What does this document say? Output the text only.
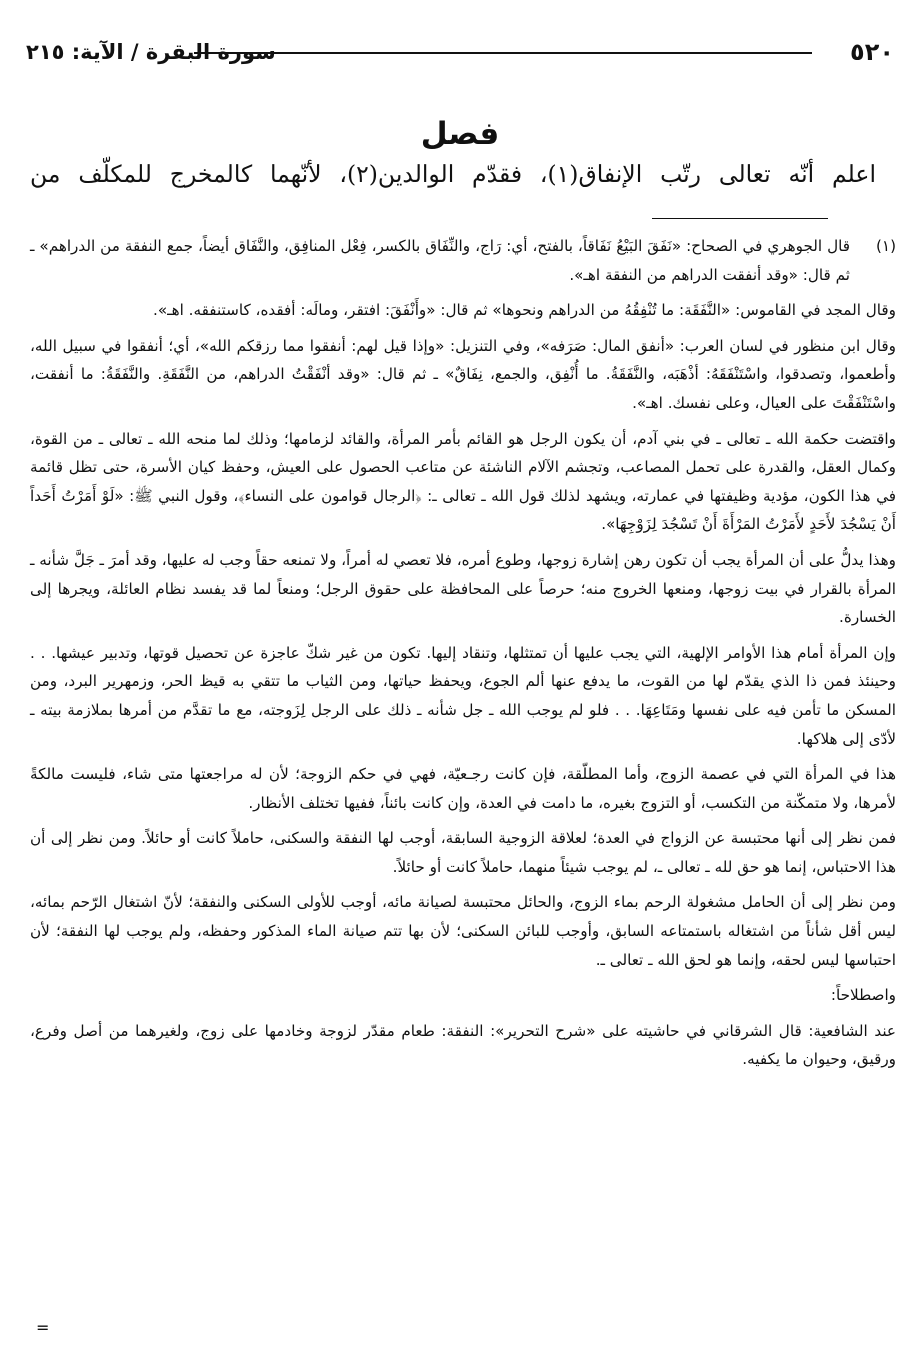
٥٢٠
سورة البقرة / الآية: ٢١٥
فصل
اعلم أنّه تعالى رتّب الإنفاق(١)، فقدّم الوالدين(٢)، لأنّهما كالمخرج للمكلّف من

(١)
قال الجوهري في الصحاح: «نَفَقَ البَيْعُ نَفَاقاً، بالفتح، أي: رَاج، والنِّفَاق بالكسر، فِعْل المنافِق، والنَّفَاق أيضاً، جمع النفقة من الدراهم» ـ ثم قال: «وقد أنفقت الدراهم من النفقة اهـ».

وقال المجد في القاموس: «النَّفَقَة: ما تُنْفِقُهُ من الدراهم ونحوها» ثم قال: «وأَنْفَقَ: افتقر، ومالَه: أفقده، كاستنفقه. اهـ».

وقال ابن منظور في لسان العرب: «أنفق المال: صَرَفه»، وفي التنزيل: «وإذا قيل لهم: أنفقوا مما رزقكم الله»، أي؛ أنفقوا في سبيل الله، وأطعموا، وتصدقوا، واسْتَنْفَقَهُ: أذْهَبَه، والنَّفَقَةُ. ما أُنْفِق، والجمع، نِفَاقٌ» ـ ثم قال: «وقد أنْفَقْتُ الدراهم، من النَّفَقَةِ. والنَّفَقَةُ: ما أنفقت، واسْتَنْفَقْتَ على العيال، وعلى نفسك. اهـ».

واقتضت حكمة الله ـ تعالى ـ في بني آدم، أن يكون الرجل هو القائم بأمر المرأة، والقائد لزمامها؛ وذلك لما منحه الله ـ تعالى ـ من القوة، وكمال العقل، والقدرة على تحمل المصاعب، وتجشم الآلام الناشئة عن متاعب الحصول على العيش، وحفظ كيان الأسرة، حتى تظل قائمة في هذا الكون، مؤدية وظيفتها في عمارته، ويشهد لذلك قول الله ـ تعالى ـ: ﴿الرجال قوامون على النساء﴾، وقول النبي ﷺ: «لَوْ أَمَرْتُ أَحَداً أَنْ يَسْجُدَ لأَحَدٍ لأَمَرْتُ المَرْأَةَ أَنْ تَسْجُدَ لِزَوْجِهَا».

وهذا يدلُّ على أن المرأة يجب أن تكون رهن إشارة زوجها، وطوع أمره، فلا تعصي له أمراً، ولا تمنعه حقاً وجب له عليها، وقد أمرَ ـ جَلَّ شأنه ـ المرأة بالقرار في بيت زوجها، ومنعها الخروج منه؛ حرصاً على المحافظة على حقوق الرجل؛ ومنعاً لما قد يفسد نظام العائلة، ويجرها إلى الخسارة.

وإن المرأة أمام هذا الأوامر الإلهية، التي يجب عليها أن تمتثلها، وتنقاد إليها. تكون من غير شكّ عاجزة عن تحصيل قوتها، وتدبير عيشها. . . وحينئذ فمن ذا الذي يقدّم لها من القوت، ما يدفع عنها ألم الجوع، ويحفظ حياتها، ومن الثياب ما تتقي به قيظ الحر، وزمهرير البرد، ومن المسكن ما تأمن فيه على نفسها ومَتَاعِهَا. . . فلو لم يوجب الله ـ جل شأنه ـ ذلك على الرجل لِزَوجته، مع ما تقدَّم من أمرها بملازمة بيته ـ لأدّى إلى هلاكها.

هذا في المرأة التي في عصمة الزوج، وأما المطلّقة، فإن كانت رجـعيّة، فهي في حكم الزوجة؛ لأن له مراجعتها متى شاء، فليست مالكةً لأمرها، ولا متمكّنة من التكسب، أو التزوج بغيره، ما دامت في العدة، وإن كانت بائناً، ففيها تختلف الأنظار.

فمن نظر إلى أنها محتبسة عن الزواج في العدة؛ لعلاقة الزوجية السابقة، أوجب لها النفقة والسكنى، حاملاً كانت أو حائلاً. ومن نظر إلى أن هذا الاحتباس، إنما هو حق لله ـ تعالى ـ، لم يوجب شيئاً منهما، حاملاً كانت أو حائلاً.

ومن نظر إلى أن الحامل مشغولة الرحم بماء الزوج، والحائل محتبسة لصيانة مائه، أوجب للأولى السكنى والنفقة؛ لأنّ اشتغال الرّحم بمائه، ليس أقل شأناً من اشتغاله باستمتاعه السابق، وأوجب للبائن السكنى؛ لأن بها تتم صيانة الماء المذكور وحفظه، ولم يوجب لها النفقة؛ لأن احتباسها ليس لحقه، وإنما هو لحق الله ـ تعالى ـ.

واصطلاحاً:

عند الشافعية: قال الشرقاني في حاشيته على «شرح التحرير»: النفقة: طعام مقدّر لزوجة وخادمها على زوج، ولغيرهما من أصل وفرع، ورقيق، وحيوان ما يكفيه.

=
